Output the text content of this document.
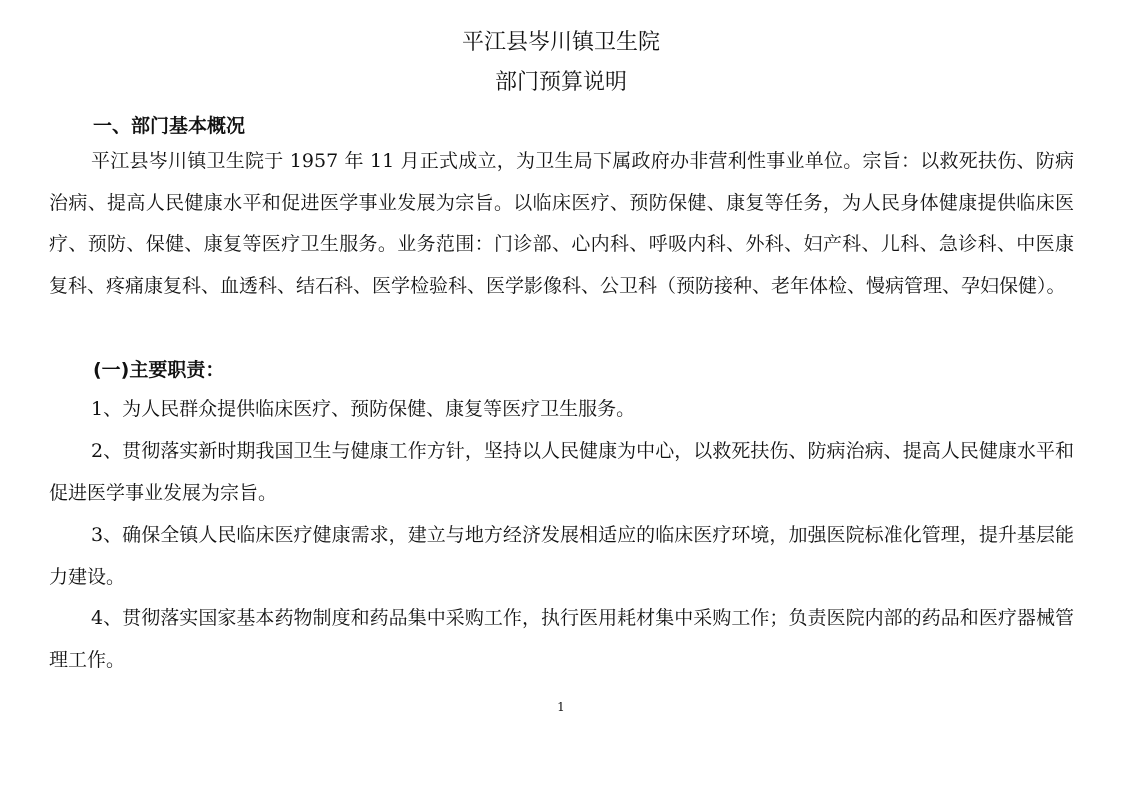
平江县岑川镇卫生院
部门预算说明
一、部门基本概况

平江县岑川镇卫生院于 1957 年 11 月正式成立，为卫生局下属政府办非营利性事业单位。宗旨：以救死扶伤、防病治病、提高人民健康水平和促进医学事业发展为宗旨。以临床医疗、预防保健、康复等任务，为人民身体健康提供临床医疗、预防、保健、康复等医疗卫生服务。业务范围：门诊部、心内科、呼吸内科、外科、妇产科、儿科、急诊科、中医康复科、疼痛康复科、血透科、结石科、医学检验科、医学影像科、公卫科（预防接种、老年体检、慢病管理、孕妇保健）。

(一)主要职责：

1、为人民群众提供临床医疗、预防保健、康复等医疗卫生服务。

2、贯彻落实新时期我国卫生与健康工作方针，坚持以人民健康为中心，以救死扶伤、防病治病、提高人民健康水平和促进医学事业发展为宗旨。

3、确保全镇人民临床医疗健康需求，建立与地方经济发展相适应的临床医疗环境，加强医院标准化管理，提升基层能力建设。

4、贯彻落实国家基本药物制度和药品集中采购工作，执行医用耗材集中采购工作；负责医院内部的药品和医疗器械管理工作。

1
